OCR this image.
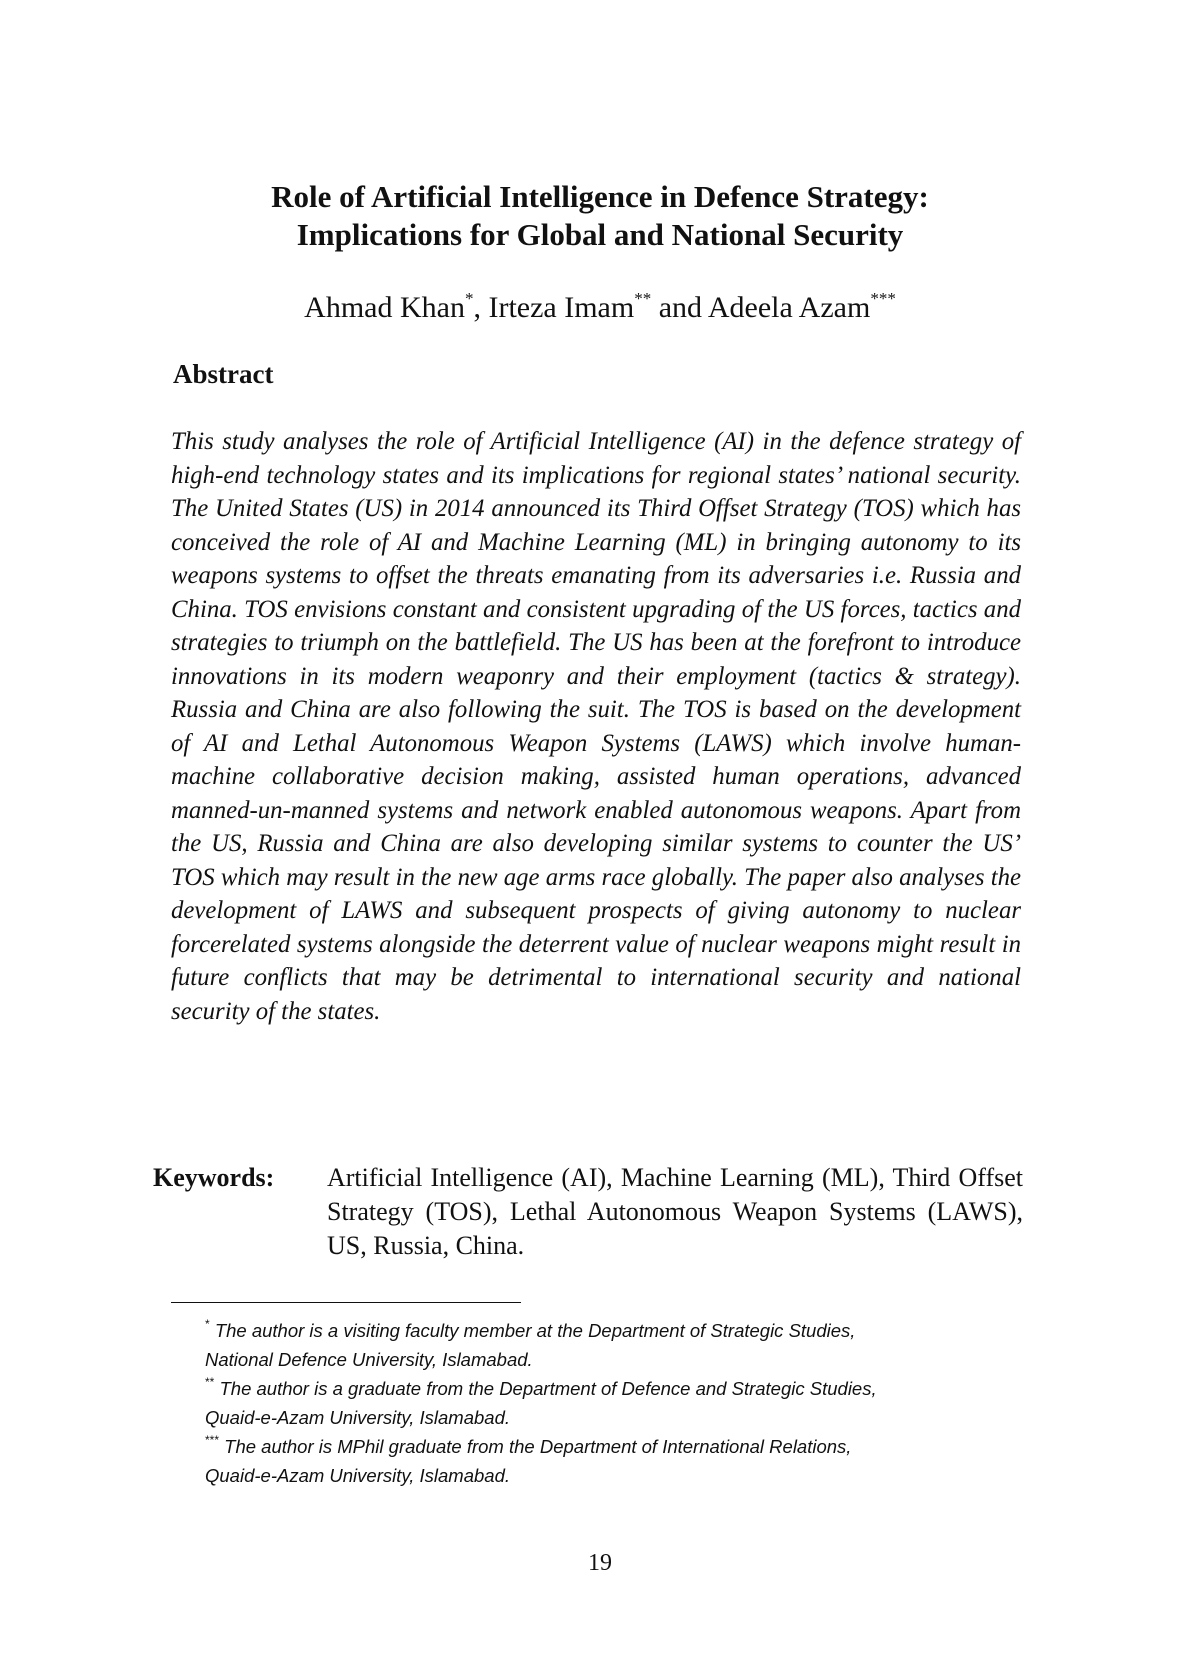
Role of Artificial Intelligence in Defence Strategy:
Implications for Global and National Security
Ahmad Khan*, Irteza Imam** and Adeela Azam***
Abstract
This study analyses the role of Artificial Intelligence (AI) in the defence strategy of high-end technology states and its implications for regional states’ national security. The United States (US) in 2014 announced its Third Offset Strategy (TOS) which has conceived the role of AI and Machine Learning (ML) in bringing autonomy to its weapons systems to offset the threats emanating from its adversaries i.e. Russia and China. TOS envisions constant and consistent upgrading of the US forces, tactics and strategies to triumph on the battlefield. The US has been at the forefront to introduce innovations in its modern weaponry and their employment (tactics & strategy). Russia and China are also following the suit. The TOS is based on the development of AI and Lethal Autonomous Weapon Systems (LAWS) which involve human-machine collaborative decision making, assisted human operations, advanced manned-un-manned systems and network enabled autonomous weapons. Apart from the US, Russia and China are also developing similar systems to counter the US’ TOS which may result in the new age arms race globally. The paper also analyses the development of LAWS and subsequent prospects of giving autonomy to nuclear forcerelated systems alongside the deterrent value of nuclear weapons might result in future conflicts that may be detrimental to international security and national security of the states.
Keywords: Artificial Intelligence (AI), Machine Learning (ML), Third Offset Strategy (TOS), Lethal Autonomous Weapon Systems (LAWS), US, Russia, China.

* The author is a visiting faculty member at the Department of Strategic Studies,
National Defence University, Islamabad.

** The author is a graduate from the Department of Defence and Strategic Studies,
Quaid-e-Azam University, Islamabad.

*** The author is MPhil graduate from the Department of International Relations,
Quaid-e-Azam University, Islamabad.

19
